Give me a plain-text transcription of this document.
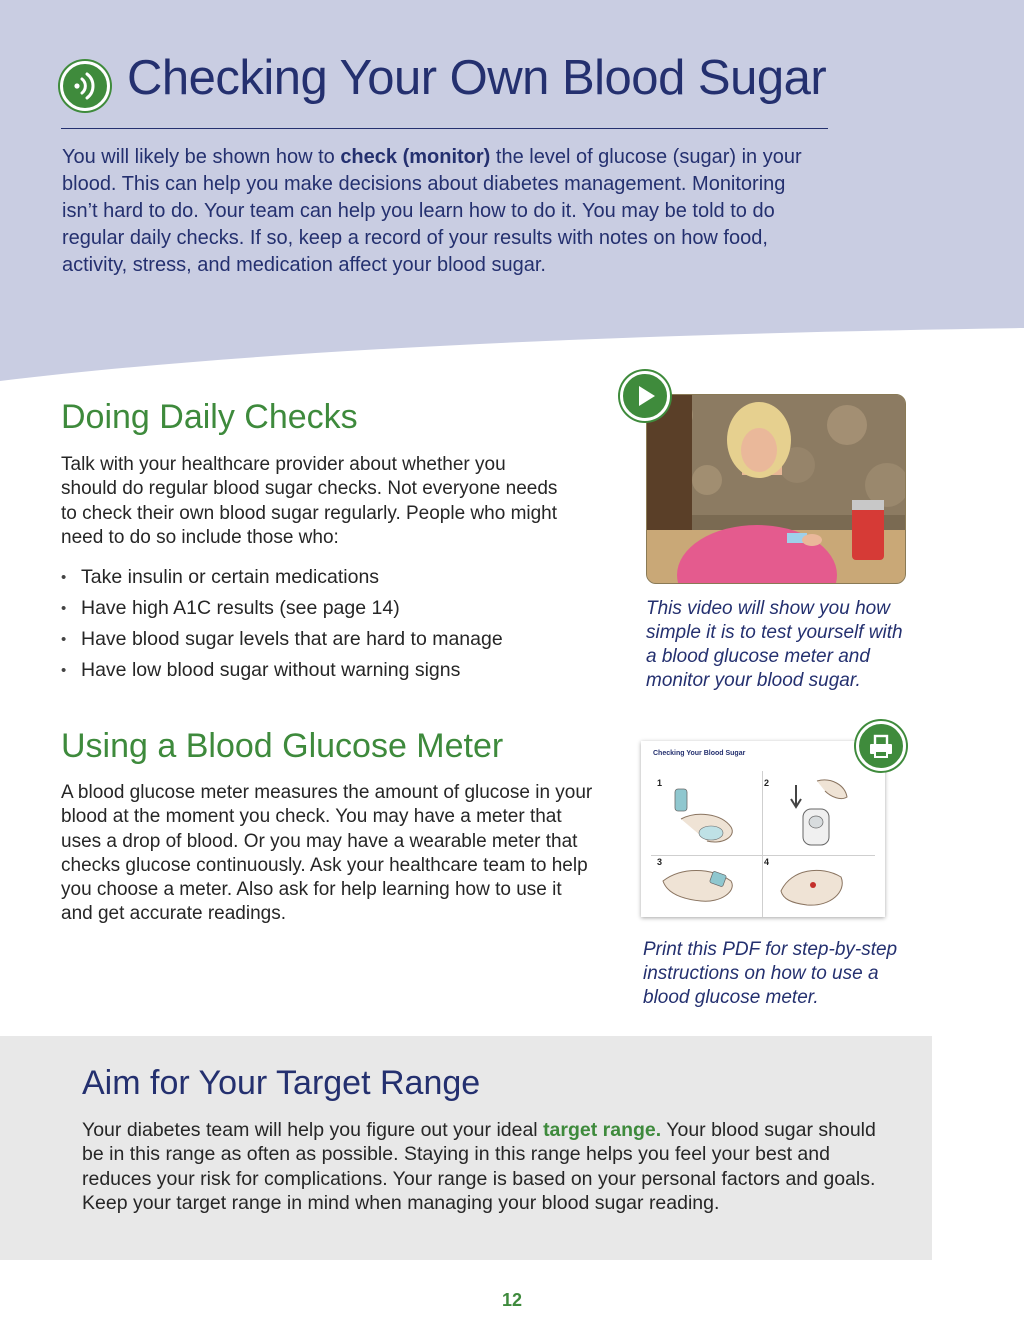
Checking Your Own Blood Sugar

You will likely be shown how to check (monitor) the level of glucose (sugar) in your blood. This can help you make decisions about diabetes management. Monitoring isn’t hard to do. Your team can help you learn how to do it. You may be told to do regular daily checks. If so, keep a record of your results with notes on how food, activity, stress, and medication affect your blood sugar.

Doing Daily Checks

Talk with your healthcare provider about whether you should do regular blood sugar checks. Not everyone needs to check their own blood sugar regularly. People who might need to do so include those who:

• Take insulin or certain medications
• Have high A1C results (see page 14)
• Have blood sugar levels that are hard to manage
• Have low blood sugar without warning signs

This video will show you how simple it is to test yourself with a blood glucose meter and monitor your blood sugar.

Using a Blood Glucose Meter

A blood glucose meter measures the amount of glucose in your blood at the moment you check. You may have a meter that uses a drop of blood. Or you may have a wearable meter that checks glucose continuously. Ask your healthcare team to help you choose a meter. Also ask for help learning how to use it and get accurate readings.

Checking Your Blood Sugar
1	2
3	4

Print this PDF for step-by-step instructions on how to use a blood glucose meter.

Aim for Your Target Range

Your diabetes team will help you figure out your ideal target range. Your blood sugar should be in this range as often as possible. Staying in this range helps you feel your best and reduces your risk for complications. Your range is based on your personal factors and goals. Keep your target range in mind when managing your blood sugar reading.

12
